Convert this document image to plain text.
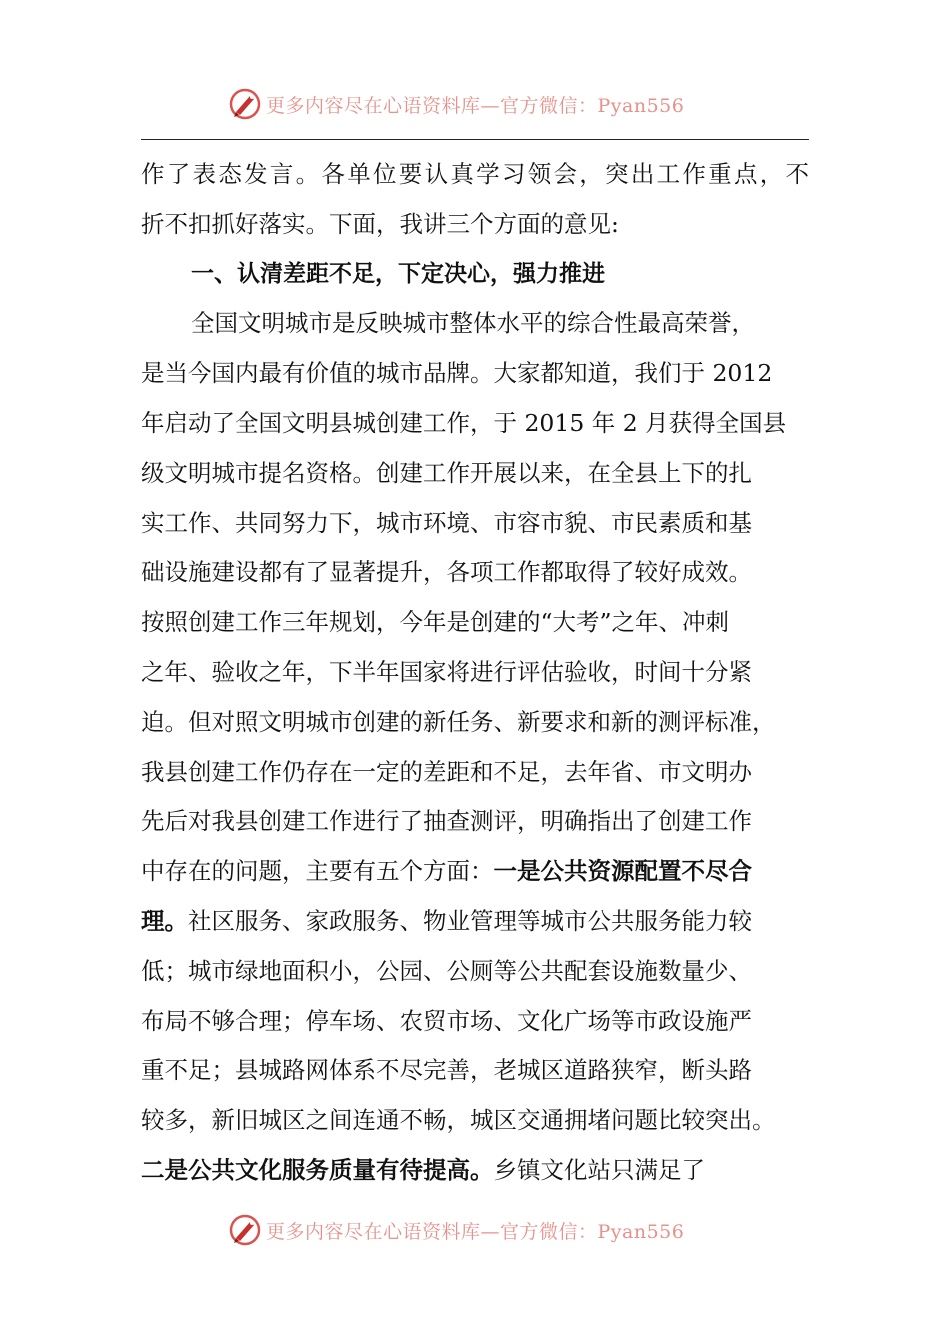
更多内容尽在心语资料库—官方微信：Pyan556
作了表态发言。各单位要认真学习领会，突出工作重点，不
折不扣抓好落实。下面，我讲三个方面的意见:
一、认清差距不足，下定决心，强力推进
全国文明城市是反映城市整体水平的综合性最高荣誉，
是当今国内最有价值的城市品牌。大家都知道，我们于 2012
年启动了全国文明县城创建工作，于 2015 年 2 月获得全国县
级文明城市提名资格。创建工作开展以来，在全县上下的扎
实工作、共同努力下，城市环境、市容市貌、市民素质和基
础设施建设都有了显著提升，各项工作都取得了较好成效。
按照创建工作三年规划，今年是创建的“大考”之年、冲刺
之年、验收之年，下半年国家将进行评估验收，时间十分紧
迫。但对照文明城市创建的新任务、新要求和新的测评标准，
我县创建工作仍存在一定的差距和不足，去年省、市文明办
先后对我县创建工作进行了抽查测评，明确指出了创建工作
中存在的问题，主要有五个方面：一是公共资源配置不尽合
理。社区服务、家政服务、物业管理等城市公共服务能力较
低；城市绿地面积小，公园、公厕等公共配套设施数量少、
布局不够合理；停车场、农贸市场、文化广场等市政设施严
重不足；县城路网体系不尽完善，老城区道路狭窄，断头路
较多，新旧城区之间连通不畅，城区交通拥堵问题比较突出。
二是公共文化服务质量有待提高。乡镇文化站只满足了
更多内容尽在心语资料库—官方微信：Pyan556
